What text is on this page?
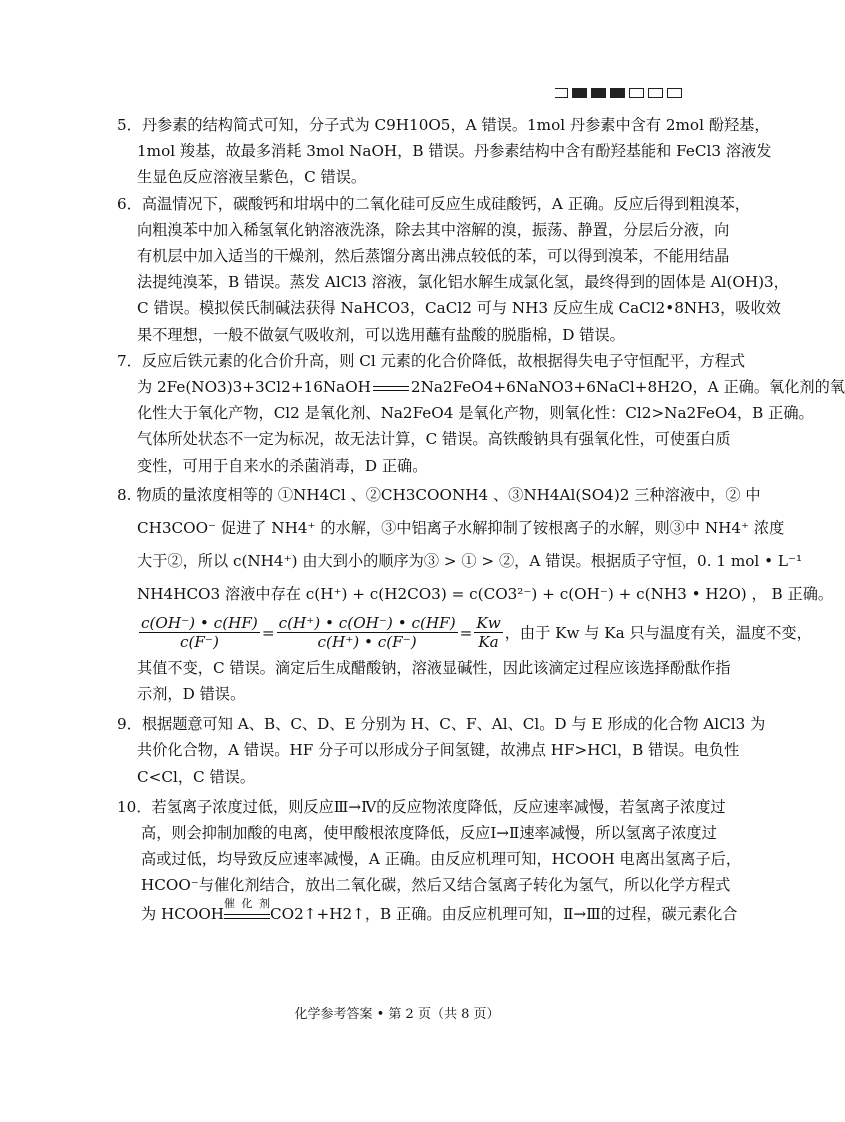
5．丹参素的结构简式可知，分子式为 C9H10O5，A 错误。1mol 丹参素中含有 2mol 酚羟基，
1mol 羧基，故最多消耗 3mol NaOH，B 错误。丹参素结构中含有酚羟基能和 FeCl3 溶液发
生显色反应溶液呈紫色，C 错误。
6．高温情况下，碳酸钙和坩埚中的二氧化硅可反应生成硅酸钙，A 正确。反应后得到粗溴苯，
向粗溴苯中加入稀氢氧化钠溶液洗涤，除去其中溶解的溴，振荡、静置，分层后分液，向
有机层中加入适当的干燥剂，然后蒸馏分离出沸点较低的苯，可以得到溴苯，不能用结晶
法提纯溴苯，B 错误。蒸发 AlCl3 溶液，氯化铝水解生成氯化氢，最终得到的固体是 Al(OH)3，
C 错误。模拟侯氏制碱法获得 NaHCO3，CaCl2 可与 NH3 反应生成 CaCl2•8NH3，吸收效
果不理想，一般不做氨气吸收剂，可以选用蘸有盐酸的脱脂棉，D 错误。
7．反应后铁元素的化合价升高，则 Cl 元素的化合价降低，故根据得失电子守恒配平，方程式
为 2Fe(NO3)3+3Cl2+16NaOH	2Na2FeO4+6NaNO3+6NaCl+8H2O，A 正确。氧化剂的氧
化性大于氧化产物，Cl2 是氧化剂、Na2FeO4 是氧化产物，则氧化性：Cl2>Na2FeO4，B 正确。
气体所处状态不一定为标况，故无法计算，C 错误。高铁酸钠具有强氧化性，可使蛋白质
变性，可用于自来水的杀菌消毒，D 正确。
8. 物质的量浓度相等的 ①NH4Cl 、②CH3COONH4 、③NH4Al(SO4)2 三种溶液中，② 中
CH3COO⁻ 促进了 NH4⁺ 的水解，③中铝离子水解抑制了铵根离子的水解，则③中 NH4⁺ 浓度
大于②，所以 c(NH4⁺) 由大到小的顺序为③ > ① > ②，A 错误。根据质子守恒，0. 1 mol • L⁻¹
NH4HCO3 溶液中存在 c(H⁺) + c(H2CO3) = c(CO3²⁻) + c(OH⁻) + c(NH3 • H2O) ， B 正确。
$\frac{c(OH^-) • c(HF)}{c(F^-)} = \frac{c(H^+) • c(OH^-) • c(HF)}{c(H^+) • c(F^-)} = \frac{Kw}{Ka}$ ，由于 Kw 与 Ka 只与温度有关，温度不变，
其值不变，C 错误。滴定后生成醋酸钠，溶液显碱性，因此该滴定过程应该选择酚酞作指
示剂，D 错误。
9．根据题意可知 A、B、C、D、E 分别为 H、C、F、Al、Cl。D 与 E 形成的化合物 AlCl3 为
共价化合物，A 错误。HF 分子可以形成分子间氢键，故沸点 HF>HCl，B 错误。电负性
C<Cl，C 错误。
10．若氢离子浓度过低，则反应Ⅲ→Ⅳ的反应物浓度降低，反应速率减慢，若氢离子浓度过
高，则会抑制加酸的电离，使甲酸根浓度降低，反应Ⅰ→Ⅱ速率减慢，所以氢离子浓度过
高或过低，均导致反应速率减慢，A 正确。由反应机理可知，HCOOH 电离出氢离子后，
HCOO⁻与催化剂结合，放出二氧化碳，然后又结合氢离子转化为氢气，所以化学方程式
为 HCOOH
催化剂
CO2↑+H2↑，B 正确。由反应机理可知，Ⅱ→Ⅲ的过程，碳元素化合
化学参考答案 • 第 2 页（共 8 页）
